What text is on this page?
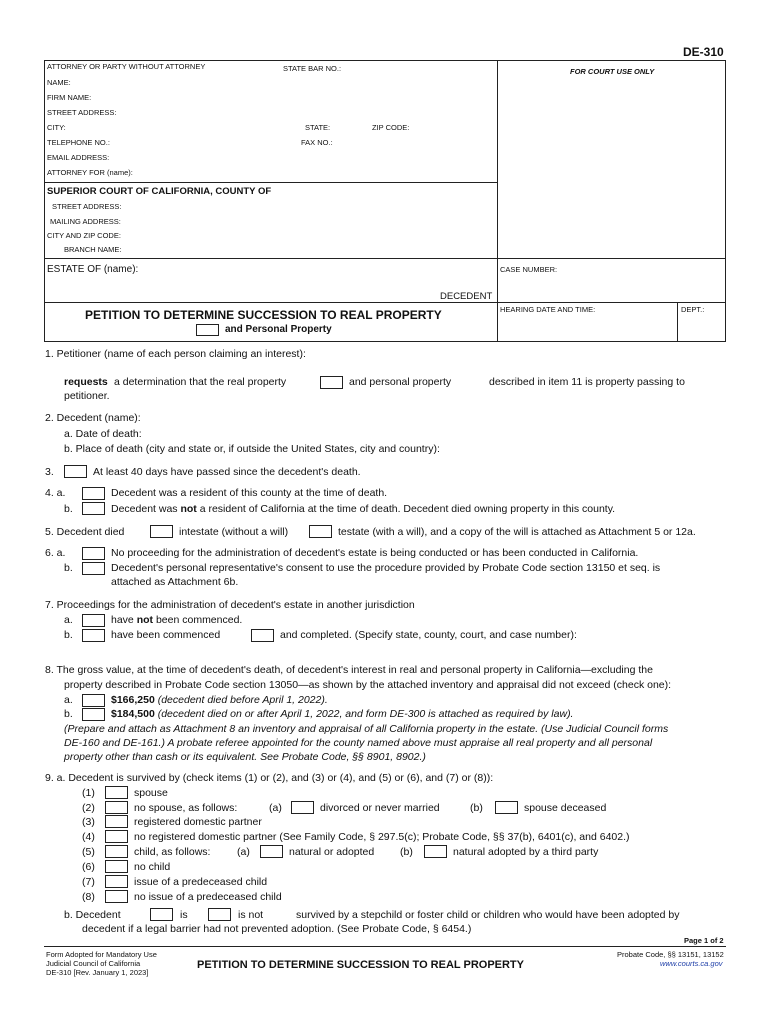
DE-310
ATTORNEY OR PARTY WITHOUT ATTORNEY	STATE BAR NO.:	FOR COURT USE ONLY
NAME:
FIRM NAME:
STREET ADDRESS:
CITY:	STATE:	ZIP CODE:
TELEPHONE NO.:	FAX NO.:
EMAIL ADDRESS:
ATTORNEY FOR (name):
SUPERIOR COURT OF CALIFORNIA, COUNTY OF
STREET ADDRESS:
MAILING ADDRESS:
CITY AND ZIP CODE:
BRANCH NAME:
ESTATE OF (name):
DECEDENT
CASE NUMBER:
PETITION TO DETERMINE SUCCESSION TO REAL PROPERTY
and Personal Property
HEARING DATE AND TIME:	DEPT.:
1. Petitioner (name of each person claiming an interest):
requests a determination that the real property	and personal property	described in item 11 is property passing to
petitioner.
2. Decedent (name):
a. Date of death:
b. Place of death (city and state or, if outside the United States, city and country):
3.	At least 40 days have passed since the decedent's death.
4. a.	Decedent was a resident of this county at the time of death.
b.	Decedent was not a resident of California at the time of death. Decedent died owning property in this county.
5. Decedent died	intestate (without a will)	testate (with a will), and a copy of the will is attached as Attachment 5 or 12a.
6. a.	No proceeding for the administration of decedent's estate is being conducted or has been conducted in California.
b.	Decedent's personal representative's consent to use the procedure provided by Probate Code section 13150 et seq. is
attached as Attachment 6b.
7. Proceedings for the administration of decedent's estate in another jurisdiction
a.	have not been commenced.
b.	have been commenced	and completed. (Specify state, county, court, and case number):
8. The gross value, at the time of decedent's death, of decedent's interest in real and personal property in California—excluding the
property described in Probate Code section 13050—as shown by the attached inventory and appraisal did not exceed (check one):
a.	$166,250 (decedent died before April 1, 2022).
b.	$184,500 (decedent died on or after April 1, 2022, and form DE-300 is attached as required by law).
(Prepare and attach as Attachment 8 an inventory and appraisal of all California property in the estate. (Use Judicial Council forms
DE-160 and DE-161.) A probate referee appointed for the county named above must appraise all real property and all personal
property other than cash or its equivalent. See Probate Code, §§ 8901, 8902.)
9. a. Decedent is survived by (check items (1) or (2), and (3) or (4), and (5) or (6), and (7) or (8)):
(1)	spouse
(2)	no spouse, as follows:	(a)	divorced or never married	(b)	spouse deceased
(3)	registered domestic partner
(4)	no registered domestic partner (See Family Code, § 297.5(c); Probate Code, §§ 37(b), 6401(c), and 6402.)
(5)	child, as follows:	(a)	natural or adopted (b)	natural adopted by a third party
(6)	no child
(7)	issue of a predeceased child
(8)	no issue of a predeceased child
b. Decedent	is	is not	survived by a stepchild or foster child or children who would have been adopted by
decedent if a legal barrier had not prevented adoption. (See Probate Code, § 6454.)
Page 1 of 2
Form Adopted for Mandatory Use
Judicial Council of California
DE-310 [Rev. January 1, 2023]
PETITION TO DETERMINE SUCCESSION TO REAL PROPERTY
Probate Code, §§ 13151, 13152
www.courts.ca.gov
